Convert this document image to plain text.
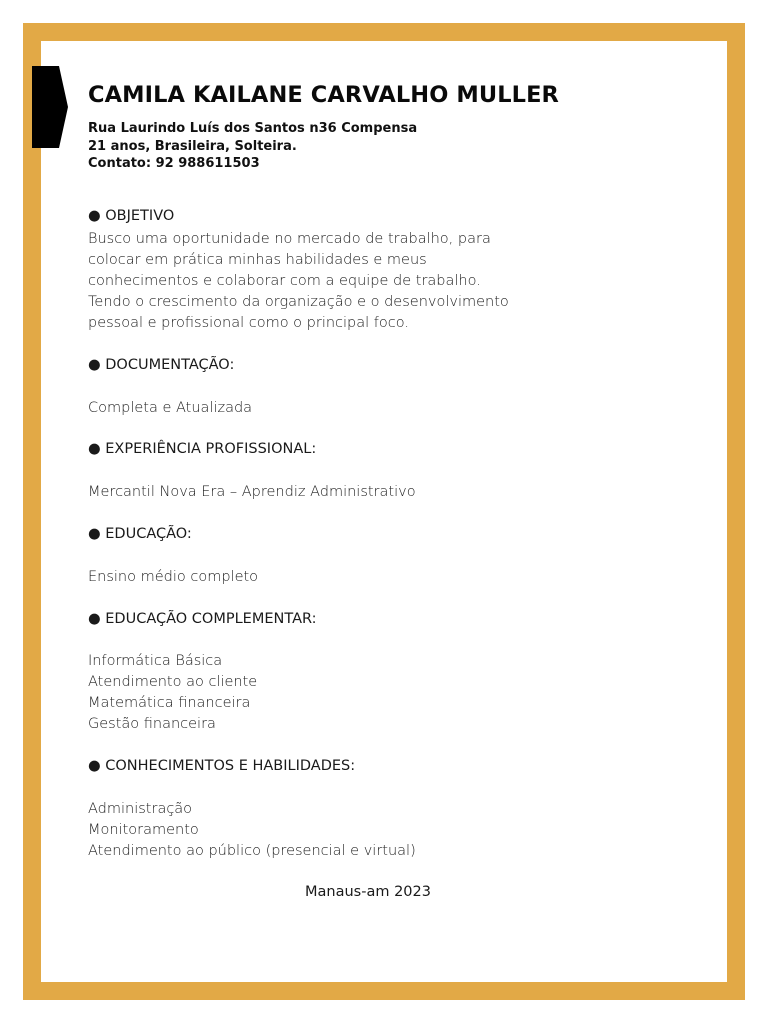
CAMILA KAILANE CARVALHO MULLER
Rua Laurindo Luís dos Santos n36 Compensa
21 anos, Brasileira, Solteira.
Contato: 92 988611503
● OBJETIVO
Busco uma oportunidade no mercado de trabalho, para
colocar em prática minhas habilidades e meus
conhecimentos e colaborar com a equipe de trabalho.
Tendo o crescimento da organização e o desenvolvimento
pessoal e profissional como o principal foco.
● DOCUMENTAÇÃO:
Completa e Atualizada
● EXPERIÊNCIA PROFISSIONAL:
Mercantil Nova Era – Aprendiz Administrativo
● EDUCAÇÃO:
Ensino médio completo
● EDUCAÇÃO COMPLEMENTAR:
Informática Básica
Atendimento ao cliente
Matemática financeira
Gestão financeira
● CONHECIMENTOS E HABILIDADES:
Administração
Monitoramento
Atendimento ao público (presencial e virtual)
Manaus-am 2023
